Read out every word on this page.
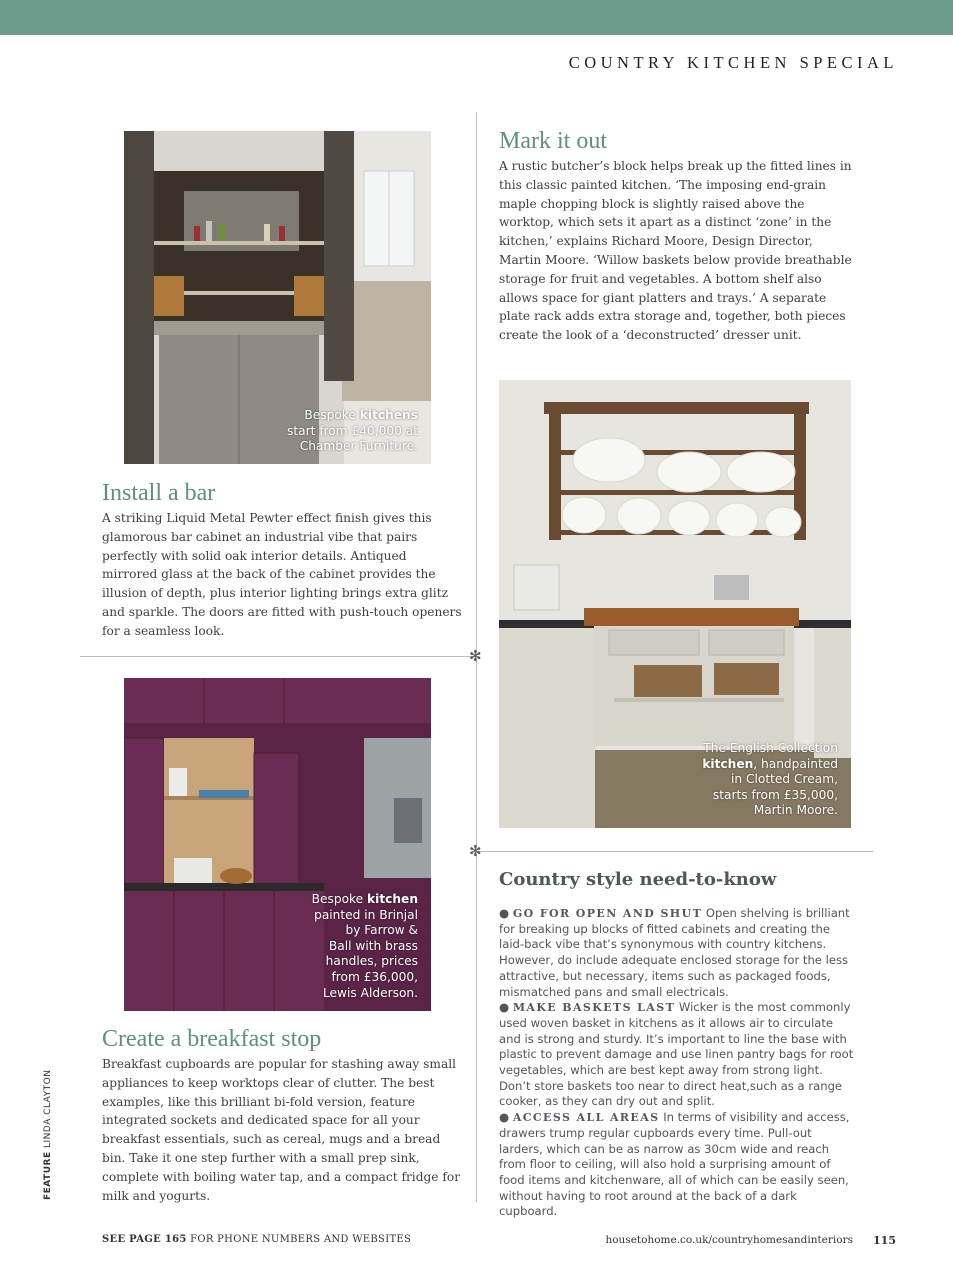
COUNTRY KITCHEN SPECIAL
✻
✻
Bespoke kitchens
start from £40,000 at
Chamber Furniture.
Install a bar

A striking Liquid Metal Pewter effect finish gives this glamorous bar cabinet an industrial vibe that pairs perfectly with solid oak interior details. Antiqued mirrored glass at the back of the cabinet provides the illusion of depth, plus interior lighting brings extra glitz and sparkle. The doors are fitted with push-touch openers for a seamless look.

Mark it out

A rustic butcher’s block helps break up the fitted lines in this classic painted kitchen. ‘The imposing end-grain maple chopping block is slightly raised above the worktop, which sets it apart as a distinct ‘zone’ in the kitchen,’ explains Richard Moore, Design Director, Martin Moore. ‘Willow baskets below provide breathable storage for fruit and vegetables. A bottom shelf also allows space for giant platters and trays.’ A separate plate rack adds extra storage and, together, both pieces create the look of a ‘deconstructed’ dresser unit.

The English Collection
kitchen, handpainted
in Clotted Cream,
starts from £35,000,
Martin Moore.
Bespoke kitchen
painted in Brinjal
by Farrow &
Ball with brass
handles, prices
from £36,000,
Lewis Alderson.
Create a breakfast stop

Breakfast cupboards are popular for stashing away small appliances to keep worktops clear of clutter. The best examples, like this brilliant bi-fold version, feature integrated sockets and dedicated space for all your breakfast essentials, such as cereal, mugs and a bread bin. Take it one step further with a small prep sink, complete with boiling water tap, and a compact fridge for milk and yogurts.

Country style need-to-know

● GO FOR OPEN AND SHUT Open shelving is brilliant for breaking up blocks of fitted cabinets and creating the laid-back vibe that’s synonymous with country kitchens. However, do include adequate enclosed storage for the less attractive, but necessary, items such as packaged foods, mismatched pans and small electricals.

● MAKE BASKETS LAST Wicker is the most commonly used woven basket in kitchens as it allows air to circulate and is strong and sturdy. It’s important to line the base with plastic to prevent damage and use linen pantry bags for root vegetables, which are best kept away from strong light. Don’t store baskets too near to direct heat,such as a range cooker, as they can dry out and split.

● ACCESS ALL AREAS In terms of visibility and access, drawers trump regular cupboards every time. Pull-out larders, which can be as narrow as 30cm wide and reach from floor to ceiling, will also hold a surprising amount of food items and kitchenware, all of which can be easily seen, without having to root around at the back of a dark cupboard.

FEATURE LINDA CLAYTON
SEE PAGE 165 FOR PHONE NUMBERS AND WEBSITES	housetohome.co.uk/countryhomesandinteriors 115
